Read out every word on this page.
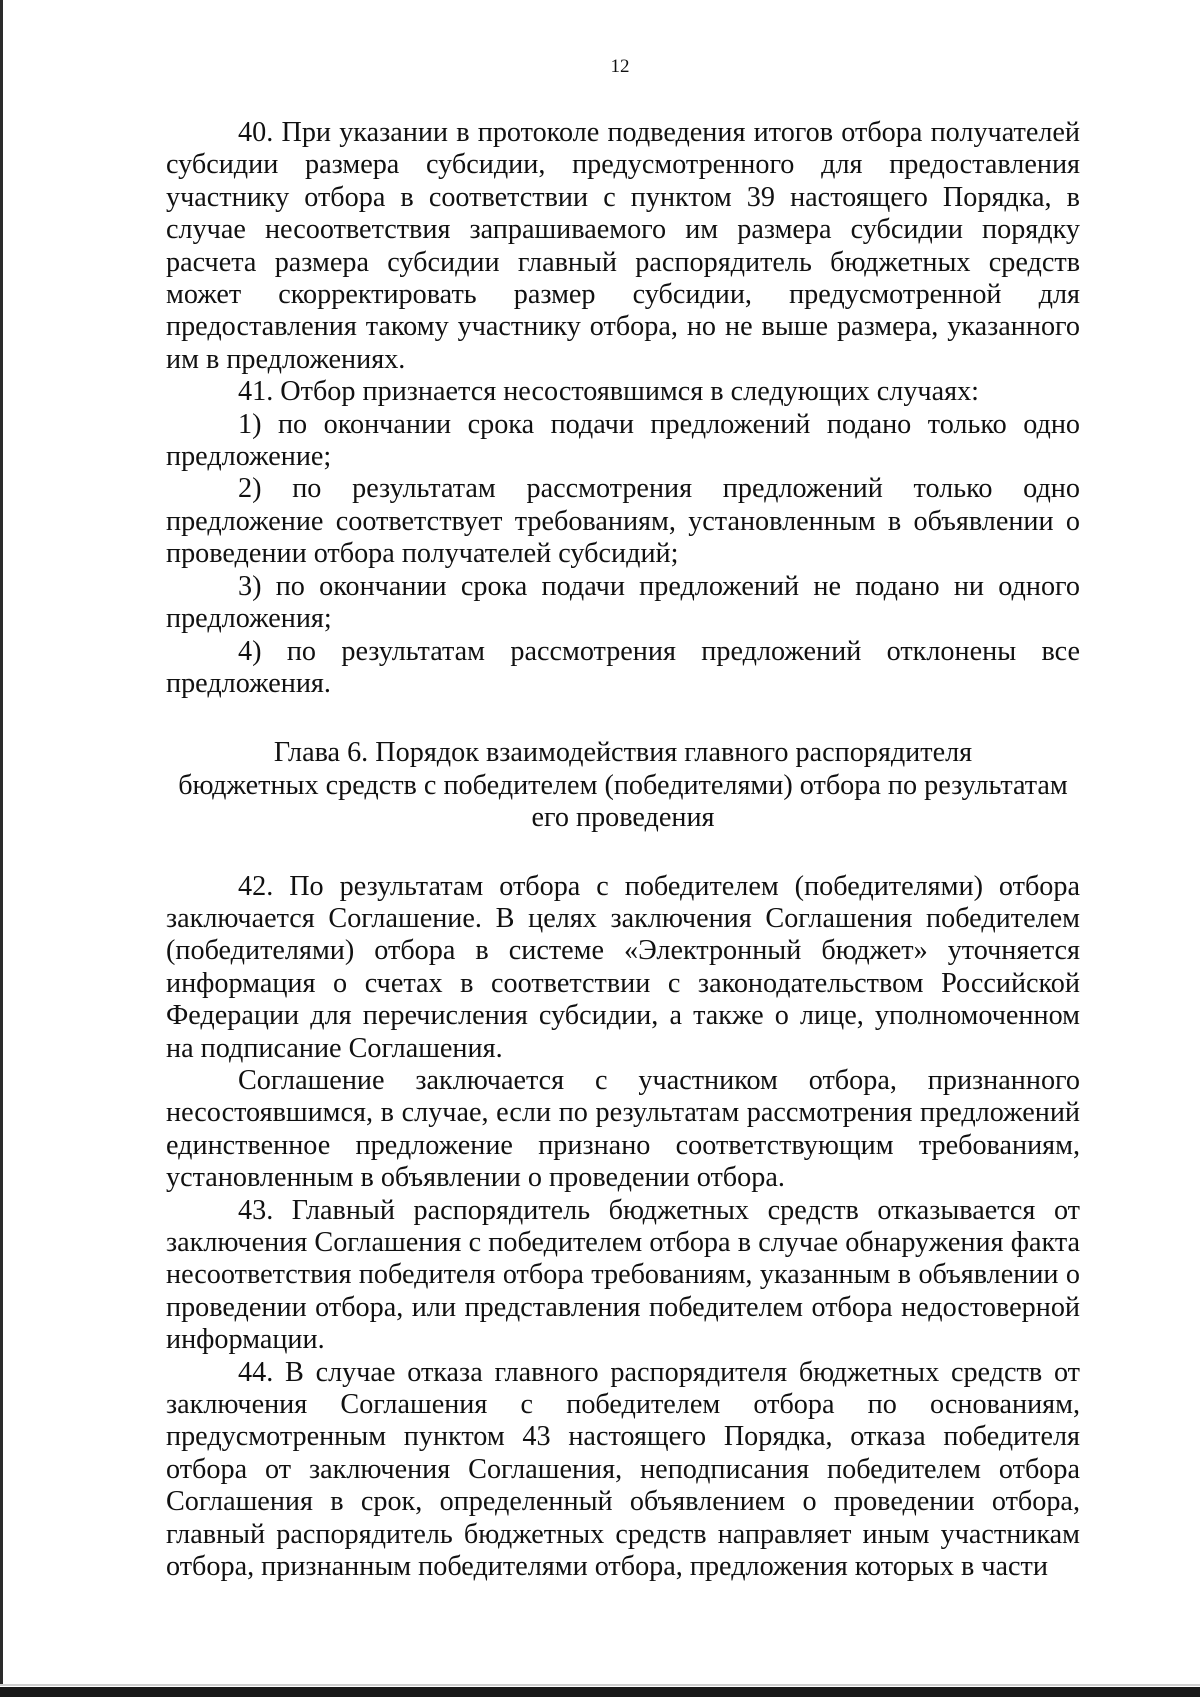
12

40. При указании в протоколе подведения итогов отбора получателей субсидии размера субсидии, предусмотренного для предоставления участнику отбора в соответствии с пунктом 39 настоящего Порядка, в случае несоответствия запрашиваемого им размера субсидии порядку расчета размера субсидии главный распорядитель бюджетных средств может скорректировать размер субсидии, предусмотренной для предоставления такому участнику отбора, но не выше размера, указанного им в предложениях.

41. Отбор признается несостоявшимся в следующих случаях:

1) по окончании срока подачи предложений подано только одно предложение;

2) по результатам рассмотрения предложений только одно предложение соответствует требованиям, установленным в объявлении о проведении отбора получателей субсидий;

3) по окончании срока подачи предложений не подано ни одного предложения;

4) по результатам рассмотрения предложений отклонены все предложения.

Глава 6. Порядок взаимодействия главного распорядителя
бюджетных средств с победителем (победителями) отбора по результатам
его проведения

42. По результатам отбора с победителем (победителями) отбора заключается Соглашение. В целях заключения Соглашения победителем (победителями) отбора в системе «Электронный бюджет» уточняется информация о счетах в соответствии с законодательством Российской Федерации для перечисления субсидии, а также о лице, уполномоченном на подписание Соглашения.

Соглашение заключается с участником отбора, признанного несостоявшимся, в случае, если по результатам рассмотрения предложений единственное предложение признано соответствующим требованиям, установленным в объявлении о проведении отбора.

43. Главный распорядитель бюджетных средств отказывается от заключения Соглашения с победителем отбора в случае обнаружения факта несоответствия победителя отбора требованиям, указанным в объявлении о проведении отбора, или представления победителем отбора недостоверной информации.

44. В случае отказа главного распорядителя бюджетных средств от заключения Соглашения с победителем отбора по основаниям, предусмотренным пунктом 43 настоящего Порядка, отказа победителя отбора от заключения Соглашения, неподписания победителем отбора Соглашения в срок, определенный объявлением о проведении отбора, главный распорядитель бюджетных средств направляет иным участникам отбора, признанным победителями отбора, предложения которых в части
